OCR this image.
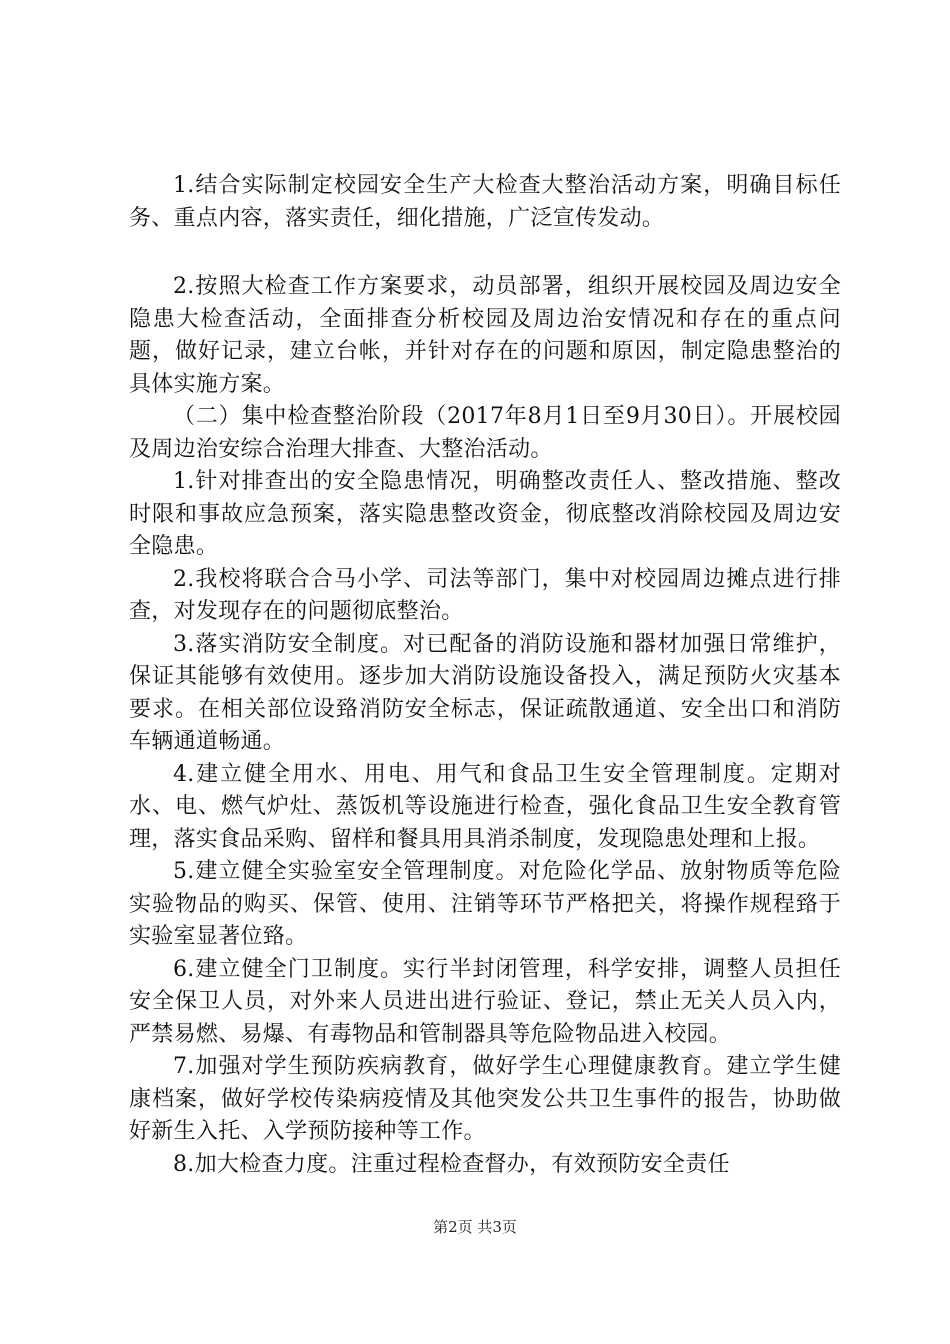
1.结合实际制定校园安全生产大检查大整治活动方案，明确目标任务、重点内容，落实责任，细化措施，广泛宣传发动。

2.按照大检查工作方案要求，动员部署，组织开展校园及周边安全隐患大检查活动，全面排查分析校园及周边治安情况和存在的重点问题，做好记录，建立台帐，并针对存在的问题和原因，制定隐患整治的具体实施方案。

（二）集中检查整治阶段（2017年8月1日至9月30日）。开展校园及周边治安综合治理大排查、大整治活动。

1.针对排查出的安全隐患情况，明确整改责任人、整改措施、整改时限和事故应急预案，落实隐患整改资金，彻底整改消除校园及周边安全隐患。

2.我校将联合合马小学、司法等部门，集中对校园周边摊点进行排查，对发现存在的问题彻底整治。

3.落实消防安全制度。对已配备的消防设施和器材加强日常维护，保证其能够有效使用。逐步加大消防设施设备投入，满足预防火灾基本要求。在相关部位设臵消防安全标志，保证疏散通道、安全出口和消防车辆通道畅通。

4.建立健全用水、用电、用气和食品卫生安全管理制度。定期对水、电、燃气炉灶、蒸饭机等设施进行检查，强化食品卫生安全教育管理，落实食品采购、留样和餐具用具消杀制度，发现隐患处理和上报。

5.建立健全实验室安全管理制度。对危险化学品、放射物质等危险实验物品的购买、保管、使用、注销等环节严格把关，将操作规程臵于实验室显著位臵。

6.建立健全门卫制度。实行半封闭管理，科学安排，调整人员担任安全保卫人员，对外来人员进出进行验证、登记，禁止无关人员入内，严禁易燃、易爆、有毒物品和管制器具等危险物品进入校园。

7.加强对学生预防疾病教育，做好学生心理健康教育。建立学生健康档案，做好学校传染病疫情及其他突发公共卫生事件的报告，协助做好新生入托、入学预防接种等工作。

8.加大检查力度。注重过程检查督办，有效预防安全责任

第2页 共3页
